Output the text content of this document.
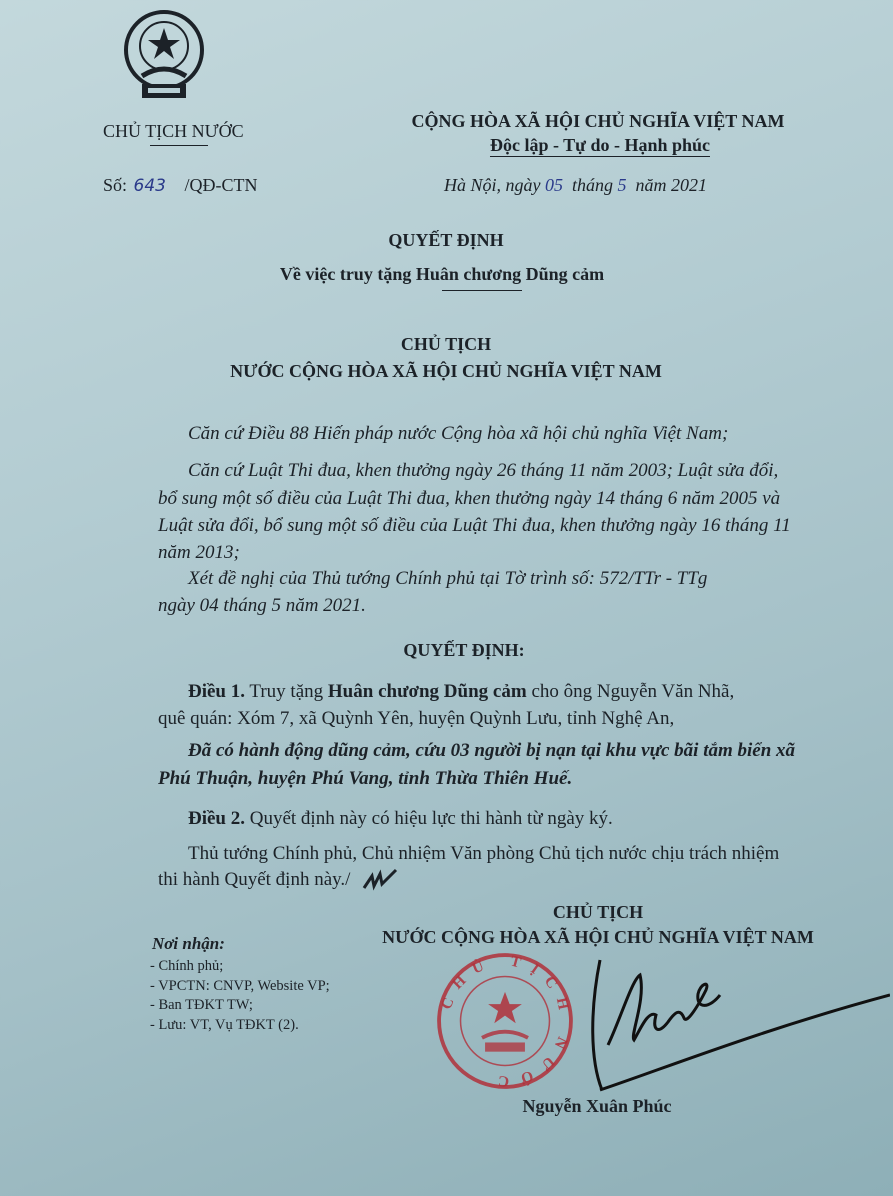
CHỦ TỊCH NƯỚC	CỘNG HÒA XÃ HỘI CHỦ NGHĨA VIỆT NAM
Độc lập - Tự do - Hạnh phúc
Số: 643 /QĐ-CTN	Hà Nội, ngày 05 tháng 5 năm 2021
QUYẾT ĐỊNH
Về việc truy tặng Huân chương Dũng cảm
CHỦ TỊCH
NƯỚC CỘNG HÒA XÃ HỘI CHỦ NGHĨA VIỆT NAM
Căn cứ Điều 88 Hiến pháp nước Cộng hòa xã hội chủ nghĩa Việt Nam;
Căn cứ Luật Thi đua, khen thưởng ngày 26 tháng 11 năm 2003; Luật sửa đổi,
bổ sung một số điều của Luật Thi đua, khen thưởng ngày 14 tháng 6 năm 2005 và
Luật sửa đổi, bổ sung một số điều của Luật Thi đua, khen thưởng ngày 16 tháng 11
năm 2013;
Xét đề nghị của Thủ tướng Chính phủ tại Tờ trình số: 572/TTr - TTg
ngày 04 tháng 5 năm 2021.
QUYẾT ĐỊNH:
Điều 1. Truy tặng Huân chương Dũng cảm cho ông Nguyễn Văn Nhã,
quê quán: Xóm 7, xã Quỳnh Yên, huyện Quỳnh Lưu, tỉnh Nghệ An,
Đã có hành động dũng cảm, cứu 03 người bị nạn tại khu vực bãi tắm biển xã
Phú Thuận, huyện Phú Vang, tỉnh Thừa Thiên Huế.
Điều 2. Quyết định này có hiệu lực thi hành từ ngày ký.
Thủ tướng Chính phủ, Chủ nhiệm Văn phòng Chủ tịch nước chịu trách nhiệm
thi hành Quyết định này./
Nơi nhận:
- Chính phủ;
- VPCTN: CNVP, Website VP;
- Ban TĐKT TW;
- Lưu: VT, Vụ TĐKT (2).
CHỦ TỊCH
NƯỚC CỘNG HÒA XÃ HỘI CHỦ NGHĨA VIỆT NAM
CHỦ TỊCH NƯỚC
Nguyễn Xuân Phúc
